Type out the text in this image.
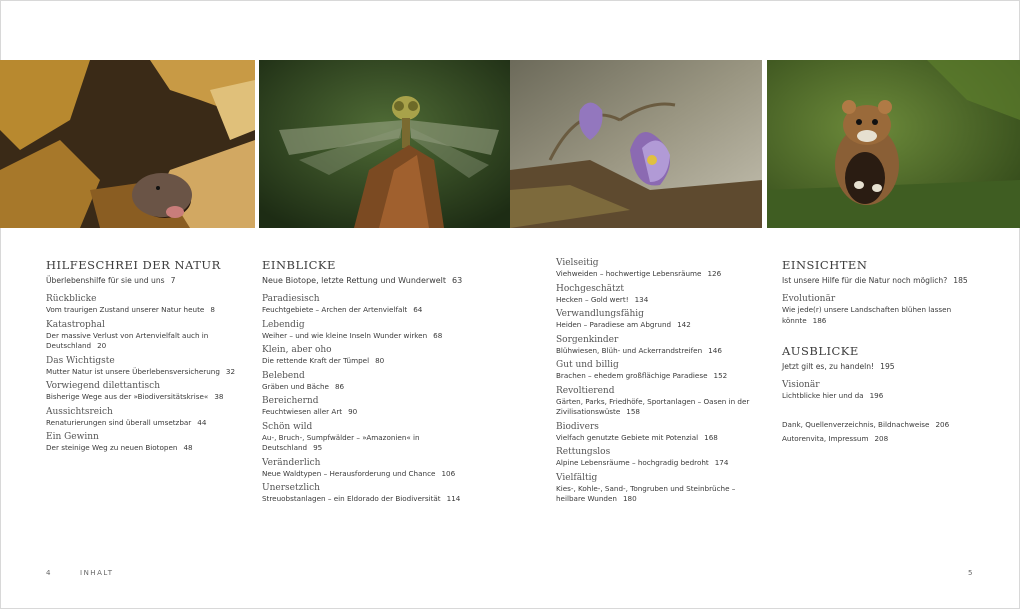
HILFESCHREI DER NATUR
Überlebenshilfe für sie und uns 7
Rückblicke
Vom traurigen Zustand unserer Natur heute 8
Katastrophal
Der massive Verlust von Artenvielfalt auch in Deutschland 20
Das Wichtigste
Mutter Natur ist unsere Überlebensversicherung 32
Vorwiegend dilettantisch
Bisherige Wege aus der »Biodiversitätskrise« 38
Aussichtsreich
Renaturierungen sind überall umsetzbar 44
Ein Gewinn
Der steinige Weg zu neuen Biotopen 48
EINBLICKE
Neue Biotope, letzte Rettung und Wunderwelt 63
Paradiesisch
Feuchtgebiete – Archen der Artenvielfalt 64
Lebendig
Weiher – und wie kleine Inseln Wunder wirken 68
Klein, aber oho
Die rettende Kraft der Tümpel 80
Belebend
Gräben und Bäche 86
Bereichernd
Feuchtwiesen aller Art 90
Schön wild
Au-, Bruch-, Sumpfwälder – »Amazonien« in Deutschland 95
Veränderlich
Neue Waldtypen – Herausforderung und Chance 106
Unersetzlich
Streuobstanlagen – ein Eldorado der Biodiversität 114
Vielseitig
Viehweiden – hochwertige Lebensräume 126
Hochgeschätzt
Hecken – Gold wert! 134
Verwandlungsfähig
Heiden – Paradiese am Abgrund 142
Sorgenkinder
Blühwiesen, Blüh- und Ackerrandstreifen 146
Gut und billig
Brachen – ehedem großflächige Paradiese 152
Revoltierend
Gärten, Parks, Friedhöfe, Sportanlagen – Oasen in der Zivilisationswüste 158
Biodivers
Vielfach genutzte Gebiete mit Potenzial 168
Rettungslos
Alpine Lebensräume – hochgradig bedroht 174
Vielfältig
Kies-, Kohle-, Sand-, Tongruben und Steinbrüche – heilbare Wunden 180
EINSICHTEN
Ist unsere Hilfe für die Natur noch möglich? 185
Evolutionär
Wie jede(r) unsere Landschaften blühen lassen könnte 186
AUSBLICKE
Jetzt gilt es, zu handeln! 195
Visionär
Lichtblicke hier und da 196
Dank, Quellenverzeichnis, Bildnachweise 206
Autorenvita, Impressum 208
4	INHALT	5
